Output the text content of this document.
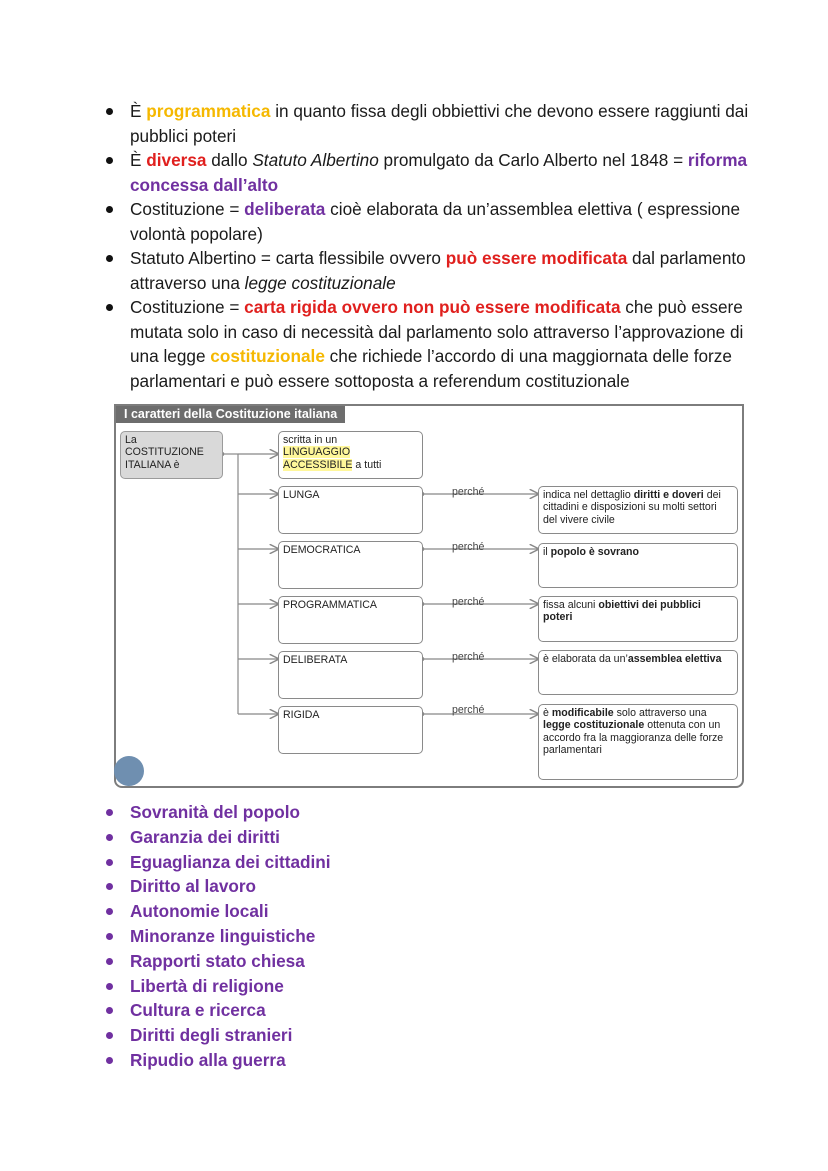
È programmatica in quanto fissa degli obbiettivi che devono essere raggiunti dai pubblici poteri
È diversa dallo Statuto Albertino promulgato da Carlo Alberto nel 1848 = riforma concessa dall’alto
Costituzione = deliberata cioè elaborata da un’assemblea elettiva ( espressione volontà popolare)
Statuto Albertino = carta flessibile ovvero può essere modificata dal parlamento attraverso una legge costituzionale
Costituzione = carta rigida ovvero non può essere modificata che può essere mutata solo in caso di necessità dal parlamento solo attraverso l’approvazione di una legge costituzionale che richiede l’accordo di una maggiornata delle forze parlamentari e può essere sottoposta a referendum costituzionale
I caratteri della Costituzione italiana
La
COSTITUZIONE
ITALIANA è
scritta in un
LINGUAGGIO
ACCESSIBILE a tutti
LUNGA
DEMOCRATICA
PROGRAMMATICA
DELIBERATA
RIGIDA
perché
perché
perché
perché
perché
indica nel dettaglio diritti e doveri dei cittadini e disposizioni su molti settori del vivere civile
il popolo è sovrano
fissa alcuni obiettivi dei pubblici poteri
è elaborata da un’assemblea elettiva
è modificabile solo attraverso una legge costituzionale ottenuta con un accordo fra la maggioranza delle forze parlamentari
Sovranità del popolo
Garanzia dei diritti
Eguaglianza dei cittadini
Diritto al lavoro
Autonomie locali
Minoranze linguistiche
Rapporti stato chiesa
Libertà di religione
Cultura e ricerca
Diritti degli stranieri
Ripudio alla guerra
